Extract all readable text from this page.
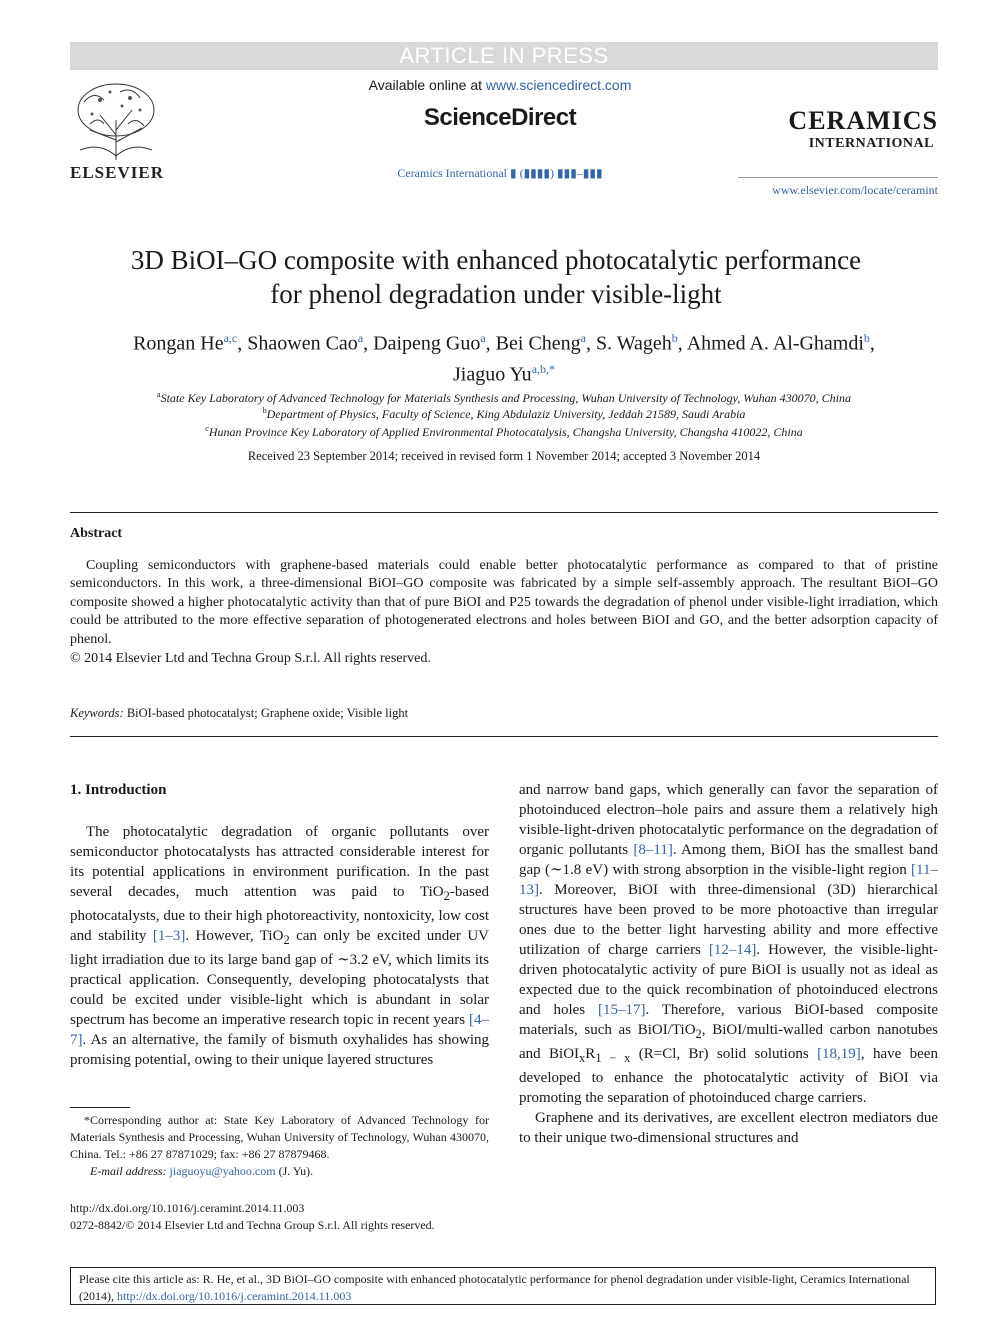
ARTICLE IN PRESS
ELSEVIER
Available online at www.sciencedirect.com
ScienceDirect
Ceramics International ▮ (▮▮▮▮) ▮▮▮–▮▮▮
CERAMICS
INTERNATIONAL
www.elsevier.com/locate/ceramint
3D BiOI–GO composite with enhanced photocatalytic performance
for phenol degradation under visible-light
Rongan He$^{a,c}$, Shaowen Cao$^a$, Daipeng Guo$^a$, Bei Cheng$^a$, S. Wageh$^b$, Ahmed A. Al-Ghamdi$^b$,
Jiaguo $Yu^{a,b,*}$
$^a$State Key Laboratory of Advanced Technology for Materials Synthesis and Processing, Wuhan University of Technology, Wuhan 430070, China
$^b$Department of Physics, Faculty of Science, King Abdulaziz University, Jeddah 21589, Saudi Arabia
$^c$Hunan Province Key Laboratory of Applied Environmental Photocatalysis, Changsha University, Changsha 410022, China
Received 23 September 2014; received in revised form 1 November 2014; accepted 3 November 2014
Abstract
Coupling semiconductors with graphene-based materials could enable better photocatalytic performance as compared to that of pristine semiconductors. In this work, a three-dimensional BiOI–GO composite was fabricated by a simple self-assembly approach. The resultant BiOI–GO composite showed a higher photocatalytic activity than that of pure BiOI and P25 towards the degradation of phenol under visible-light irradiation, which could be attributed to the more effective separation of photogenerated electrons and holes between BiOI and GO, and the better adsorption capacity of phenol.
© 2014 Elsevier Ltd and Techna Group S.r.l. All rights reserved.
Keywords: BiOI-based photocatalyst; Graphene oxide; Visible light
1. Introduction

The photocatalytic degradation of organic pollutants over semiconductor photocatalysts has attracted considerable interest for its potential applications in environment purification. In the past several decades, much attention was paid to TiO$_2$-based photocatalysts, due to their high photoreactivity, nontoxicity, low cost and stability [1–3]. However, TiO$_2$ can only be excited under UV light irradiation due to its large band gap of ∼3.2 eV, which limits its practical application. Consequently, developing photocatalysts that could be excited under visible-light which is abundant in solar spectrum has become an imperative research topic in recent years [4–7]. As an alternative, the family of bismuth oxyhalides has showing promising potential, owing to their unique layered structures

and narrow band gaps, which generally can favor the separation of photoinduced electron–hole pairs and assure them a relatively high visible-light-driven photocatalytic performance on the degradation of organic pollutants [8–11]. Among them, BiOI has the smallest band gap (∼1.8 eV) with strong absorption in the visible-light region [11–13]. Moreover, BiOI with three-dimensional (3D) hierarchical structures have been proved to be more photoactive than irregular ones due to the better light harvesting ability and more effective utilization of charge carriers [12–14]. However, the visible-light-driven photocatalytic activity of pure BiOI is usually not as ideal as expected due to the quick recombination of photoinduced electrons and holes [15–17]. Therefore, various BiOI-based composite materials, such as BiOI/TiO$_2$, BiOI/multi-walled carbon nanotubes and $BiOI_xR_{1 - x}$ (R=Cl, Br) solid solutions [18,19], have been developed to enhance the photocatalytic activity of BiOI via promoting the separation of photoinduced charge carriers.

Graphene and its derivatives, are excellent electron mediators due to their unique two-dimensional structures and

*Corresponding author at: State Key Laboratory of Advanced Technology for Materials Synthesis and Processing, Wuhan University of Technology, Wuhan 430070, China. Tel.: +86 27 87871029; fax: +86 27 87879468.
E-mail address: jiaguoyu@yahoo.com (J. Yu).
http://dx.doi.org/10.1016/j.ceramint.2014.11.003
0272-8842/© 2014 Elsevier Ltd and Techna Group S.r.l. All rights reserved.
Please cite this article as: R. He, et al., 3D BiOI–GO composite with enhanced photocatalytic performance for phenol degradation under visible-light, Ceramics International (2014), http://dx.doi.org/10.1016/j.ceramint.2014.11.003
